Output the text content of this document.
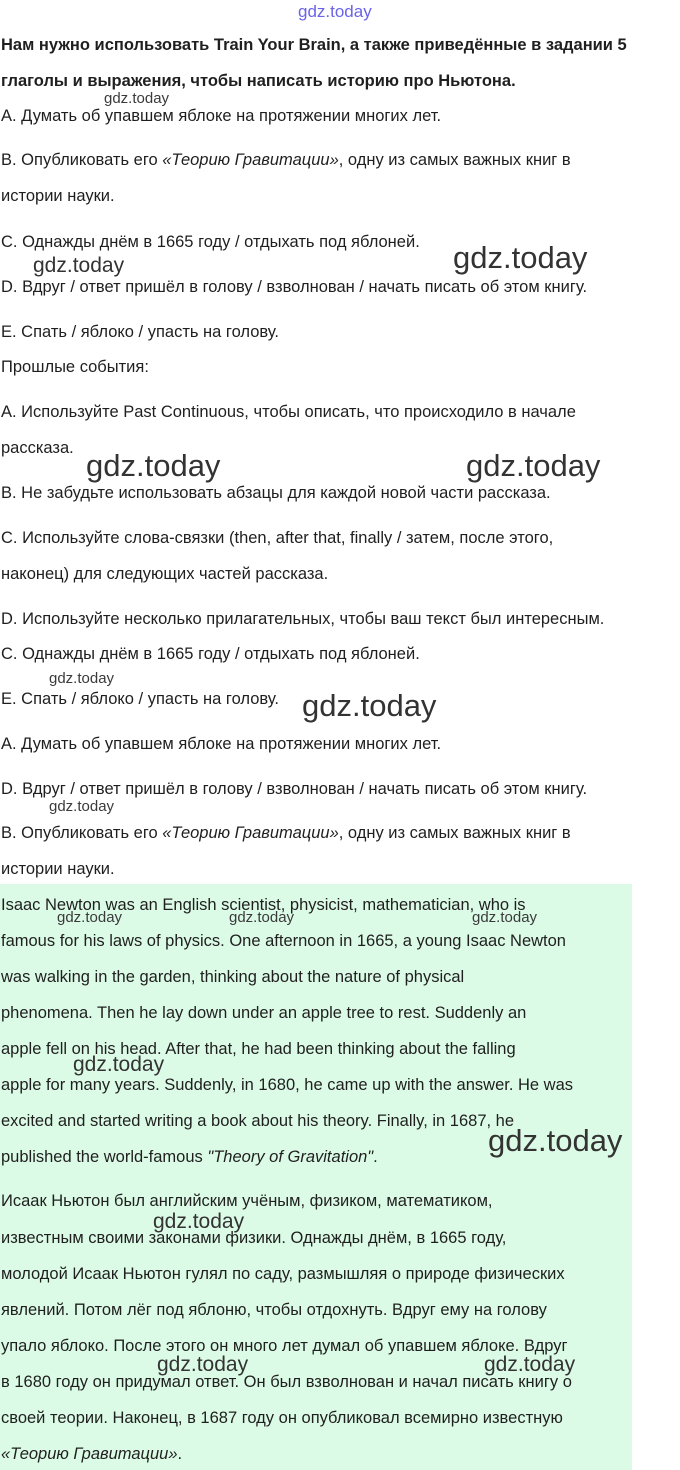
gdz.today
Нам нужно использовать Train Your Brain, а также приведённые в задании 5
глаголы и выражения, чтобы написать историю про Ньютона.
A. Думать об упавшем яблоке на протяжении многих лет.
B. Опубликовать его «Теорию Гравитации», одну из самых важных книг в
истории науки.
C. Однажды днём в 1665 году / отдыхать под яблоней.
D. Вдруг / ответ пришёл в голову / взволнован / начать писать об этом книгу.
E. Спать / яблоко / упасть на голову.
Прошлые события:
A. Используйте Past Continuous, чтобы описать, что происходило в начале
рассказа.
B. Не забудьте использовать абзацы для каждой новой части рассказа.
C. Используйте слова-связки (then, after that, finally / затем, после этого,
наконец) для следующих частей рассказа.
D. Используйте несколько прилагательных, чтобы ваш текст был интересным.
C. Однажды днём в 1665 году / отдыхать под яблоней.
E. Спать / яблоко / упасть на голову.
A. Думать об упавшем яблоке на протяжении многих лет.
D. Вдруг / ответ пришёл в голову / взволнован / начать писать об этом книгу.
B. Опубликовать его «Теорию Гравитации», одну из самых важных книг в
истории науки.
Isaac Newton was an English scientist, physicist, mathematician, who is
famous for his laws of physics. One afternoon in 1665, a young Isaac Newton
was walking in the garden, thinking about the nature of physical
phenomena. Then he lay down under an apple tree to rest. Suddenly an
apple fell on his head. After that, he had been thinking about the falling
apple for many years. Suddenly, in 1680, he came up with the answer. He was
excited and started writing a book about his theory. Finally, in 1687, he
published the world-famous "Theory of Gravitation".
Исаак Ньютон был английским учёным, физиком, математиком,
известным своими законами физики. Однажды днём, в 1665 году,
молодой Исаак Ньютон гулял по саду, размышляя о природе физических
явлений. Потом лёг под яблоню, чтобы отдохнуть. Вдруг ему на голову
упало яблоко. После этого он много лет думал об упавшем яблоке. Вдруг
в 1680 году он придумал ответ. Он был взволнован и начал писать книгу о
своей теории. Наконец, в 1687 году он опубликовал всемирно известную
«Теорию Гравитации».
gdz.today
gdz.today	gdz.today
gdz.today	gdz.today
gdz.today
gdz.today
gdz.today
gdz.today	gdz.today	gdz.today
gdz.today
gdz.today
gdz.today
gdz.today	gdz.today
